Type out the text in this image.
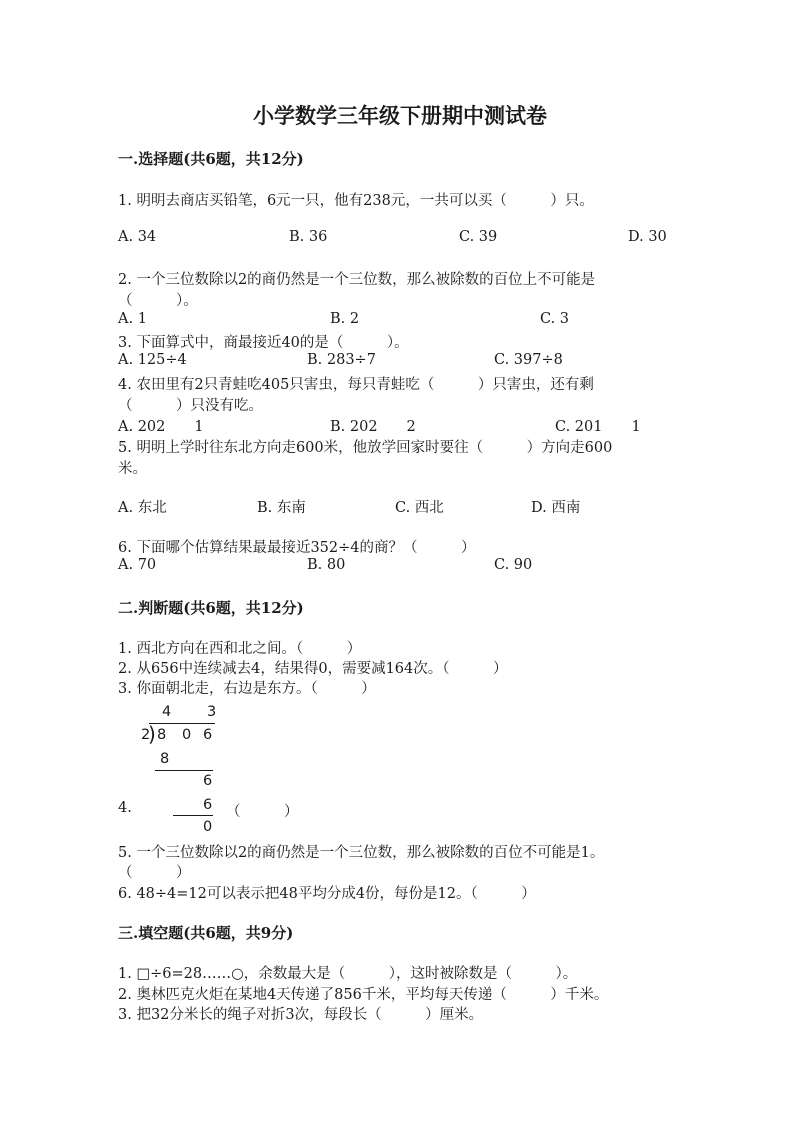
小学数学三年级下册期中测试卷
一.选择题(共6题，共12分)
1. 明明去商店买铅笔，6元一只，他有238元，一共可以买（　　　）只。
A. 34	B. 36	C. 39	D. 30
2. 一个三位数除以2的商仍然是一个三位数，那么被除数的百位上不可能是
（　　　）。
A. 1	B. 2	C. 3
3. 下面算式中，商最接近40的是（　　　）。
A. 125÷4	B. 283÷7	C. 397÷8
4. 农田里有2只青蛙吃405只害虫，每只青蛙吃（　　　）只害虫，还有剩
（　　　）只没有吃。
A. 202　　1	B. 202　　2	C. 201　　1
5. 明明上学时往东北方向走600米，他放学回家时要往（　　　）方向走600
米。
A. 东北	B. 东南	C. 西北	D. 西南
6. 下面哪个估算结果最最接近352÷4的商？（　　　）
A. 70	B. 80	C. 90
二.判断题(共6题，共12分)
1. 西北方向在西和北之间。（　　　）
2. 从656中连续减去4，结果得0，需要减164次。（　　　）
3. 你面朝北走，右边是东方。（　　　）
4 3
2
) 8 0 6
8
6
6
0
4.	（　　　）
5. 一个三位数除以2的商仍然是一个三位数，那么被除数的百位不可能是1。
（　　　）
6. 48÷4=12可以表示把48平均分成4份，每份是12。（　　　）
三.填空题(共6题，共9分)
1. □÷6=28……○，余数最大是（　　　），这时被除数是（　　　）。
2. 奥林匹克火炬在某地4天传递了856千米，平均每天传递（　　　）千米。
3. 把32分米长的绳子对折3次，每段长（　　　）厘米。
